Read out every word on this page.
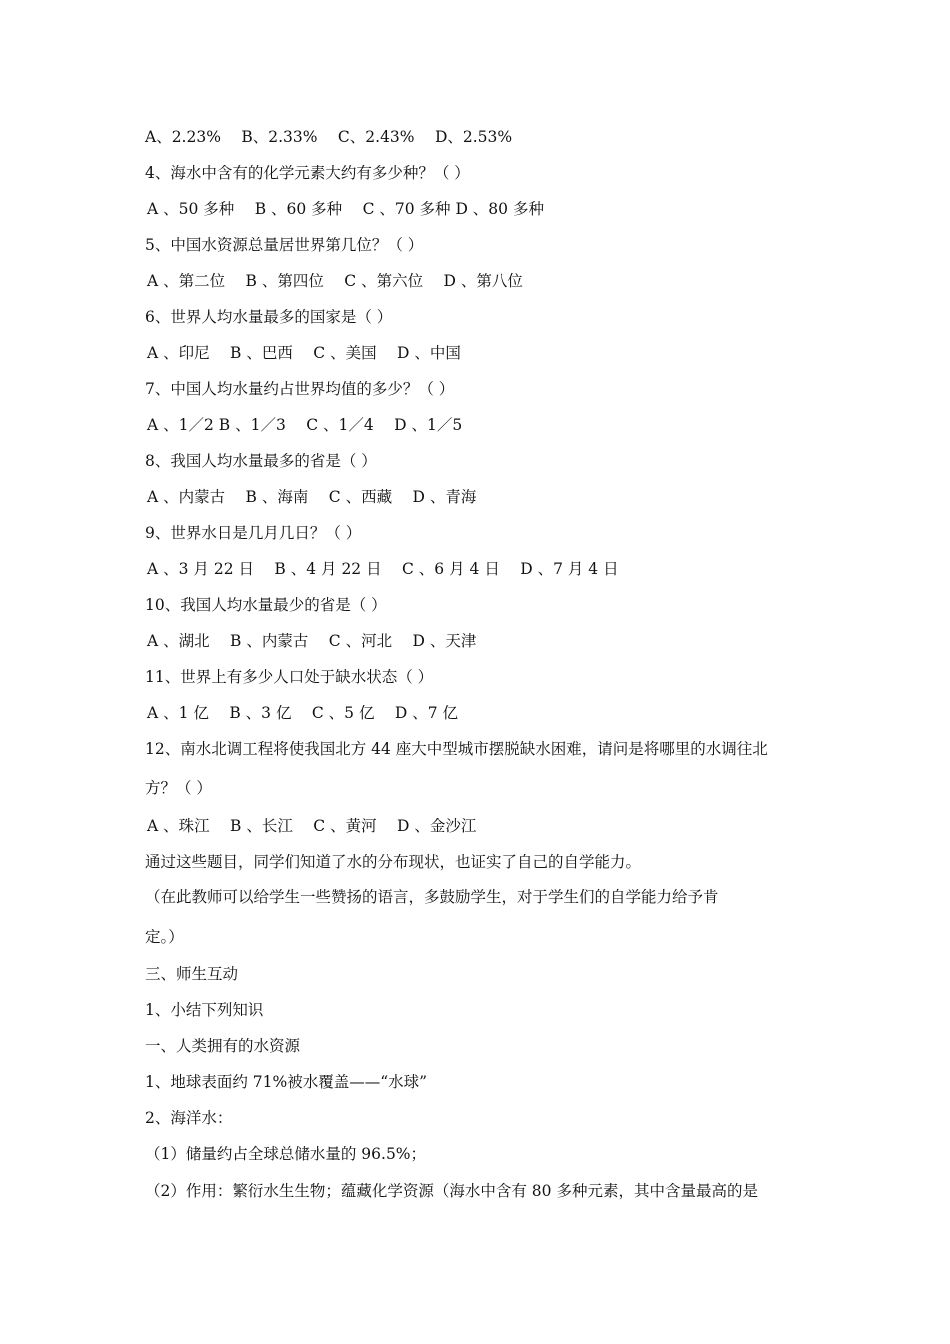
A、2.23%　 B、2.33%　 C、2.43%　 D、2.53%
4、海水中含有的化学元素大约有多少种？（ ）
A 、50 多种　 B 、60 多种　 C 、70 多种 D 、80 多种
5、中国水资源总量居世界第几位？（ ）
A 、第二位　 B 、第四位　 C 、第六位　 D 、第八位
6、世界人均水量最多的国家是（ ）
A 、印尼　 B 、巴西　 C 、美国　 D 、中国
7、中国人均水量约占世界均值的多少？（ ）
A 、1／2 B 、1／3　 C 、1／4　 D 、1／5
8、我国人均水量最多的省是（ ）
A 、内蒙古　 B 、海南　 C 、西藏　 D 、青海
9、世界水日是几月几日？（ ）
A 、3 月 22 日　 B 、4 月 22 日　 C 、6 月 4 日　 D 、7 月 4 日
10、我国人均水量最少的省是（ ）
A 、湖北　 B 、内蒙古　 C 、河北　 D 、天津
11、世界上有多少人口处于缺水状态（ ）
A 、1 亿　 B 、3 亿　 C 、5 亿　 D 、7 亿
12、南水北调工程将使我国北方 44 座大中型城市摆脱缺水困难，请问是将哪里的水调往北
方？（ ）
A 、珠江　 B 、长江　 C 、黄河　 D 、金沙江
通过这些题目，同学们知道了水的分布现状，也证实了自己的自学能力。
（在此教师可以给学生一些赞扬的语言，多鼓励学生，对于学生们的自学能力给予肯
定。）
三、师生互动
1、小结下列知识
一、人类拥有的水资源
1、地球表面约 71%被水覆盖——“水球”
2、海洋水：
（1）储量约占全球总储水量的 96.5%；
（2）作用：繁衍水生生物；蕴藏化学资源（海水中含有 80 多种元素，其中含量最高的是
